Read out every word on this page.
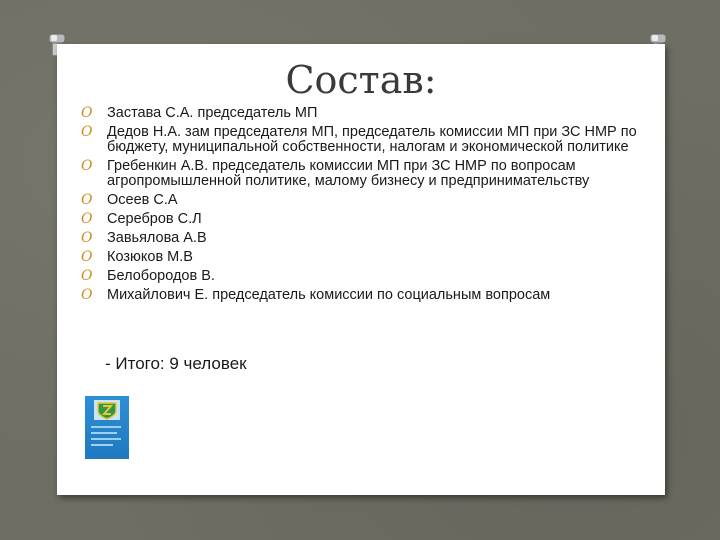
Состав:
O Застава С.А. председатель МП
O Дедов Н.А. зам председателя МП, председатель комиссии МП при ЗС НМР по бюджету, муниципальной собственности, налогам и экономической политике
O Гребенкин А.В. председатель комиссии МП при ЗС НМР по вопросам агропромышленной политике, малому бизнесу и предпринимательству
O Осеев С.А
O Серебров С.Л
O Завьялова А.В
O Козюков М.В
O Белобородов В.
O Михайлович Е. председатель комиссии по социальным вопросам
- Итого: 9 человек
